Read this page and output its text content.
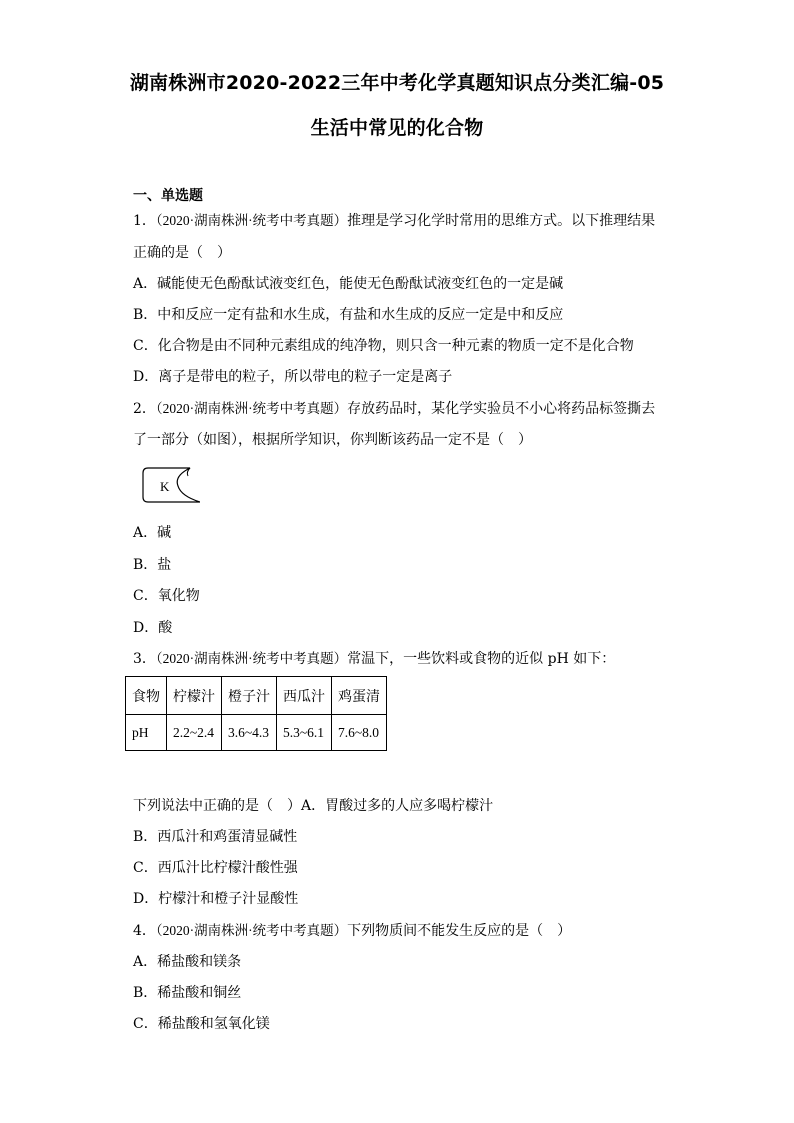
湖南株洲市2020-2022三年中考化学真题知识点分类汇编-05
生活中常见的化合物
一、单选题
1．（2020·湖南株洲·统考中考真题）推理是学习化学时常用的思维方式。以下推理结果
正确的是（　）
A．碱能使无色酚酞试液变红色，能使无色酚酞试液变红色的一定是碱
B．中和反应一定有盐和水生成，有盐和水生成的反应一定是中和反应
C．化合物是由不同种元素组成的纯净物，则只含一种元素的物质一定不是化合物
D．离子是带电的粒子，所以带电的粒子一定是离子
2．（2020·湖南株洲·统考中考真题）存放药品时，某化学实验员不小心将药品标签撕去
了一部分（如图），根据所学知识，你判断该药品一定不是（　）
K
A．碱
B．盐
C．氧化物
D．酸
3．（2020·湖南株洲·统考中考真题）常温下，一些饮料或食物的近似 pH 如下：
食物	柠檬汁	橙子汁	西瓜汁	鸡蛋清
pH	2.2~2.4	3.6~4.3	5.3~6.1	7.6~8.0
下列说法中正确的是（　）A．胃酸过多的人应多喝柠檬汁
B．西瓜汁和鸡蛋清显碱性
C．西瓜汁比柠檬汁酸性强
D．柠檬汁和橙子汁显酸性
4．（2020·湖南株洲·统考中考真题）下列物质间不能发生反应的是（　）
A．稀盐酸和镁条
B．稀盐酸和铜丝
C．稀盐酸和氢氧化镁
